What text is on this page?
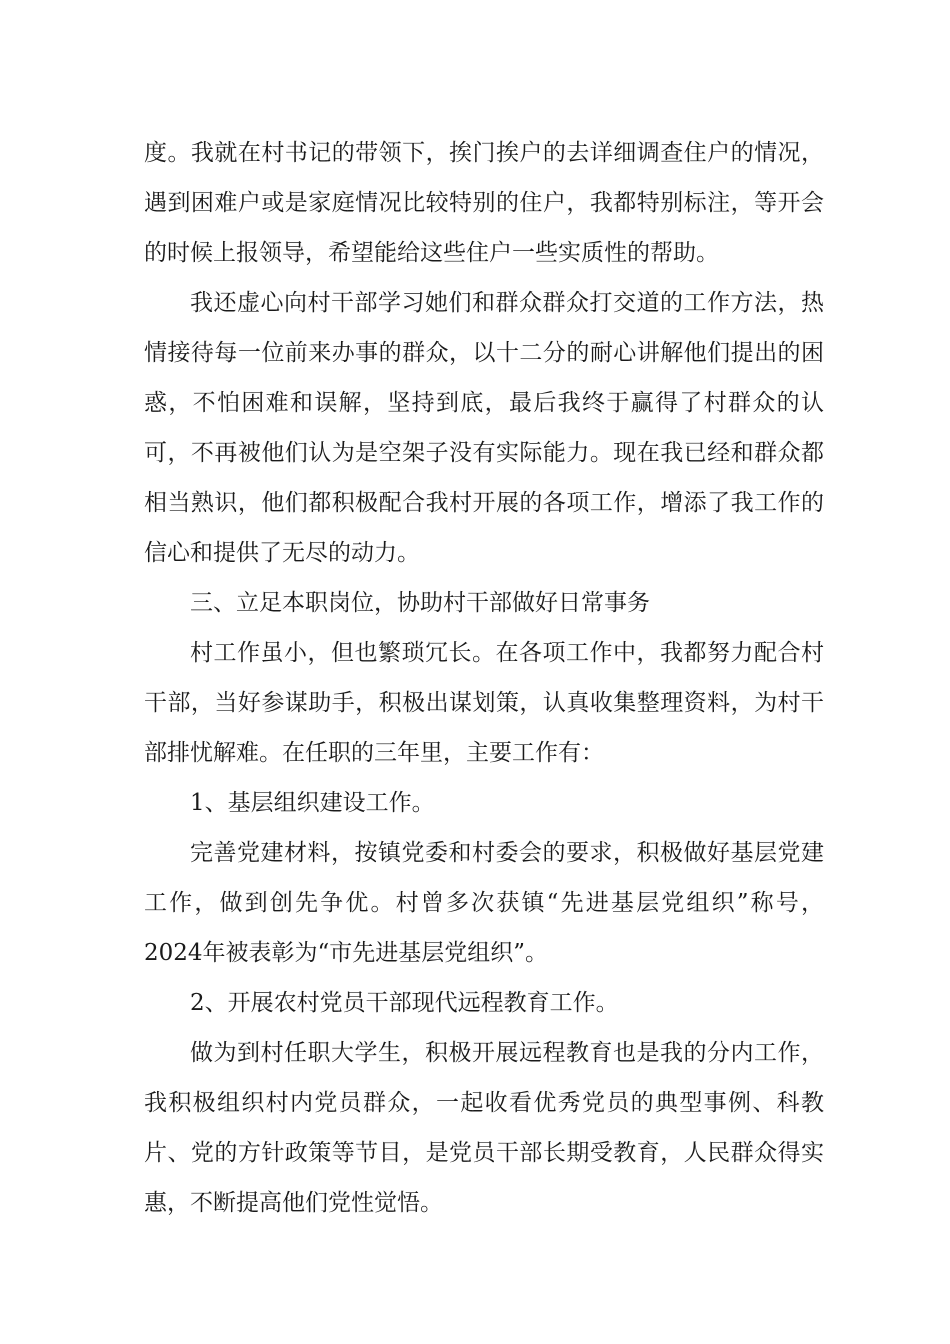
度。我就在村书记的带领下，挨门挨户的去详细调查住户的情况，遇到困难户或是家庭情况比较特别的住户，我都特别标注，等开会的时候上报领导，希望能给这些住户一些实质性的帮助。

我还虚心向村干部学习她们和群众群众打交道的工作方法，热情接待每一位前来办事的群众，以十二分的耐心讲解他们提出的困惑，不怕困难和误解，坚持到底，最后我终于赢得了村群众的认可，不再被他们认为是空架子没有实际能力。现在我已经和群众都相当熟识，他们都积极配合我村开展的各项工作，增添了我工作的信心和提供了无尽的动力。

三、立足本职岗位，协助村干部做好日常事务

村工作虽小，但也繁琐冗长。在各项工作中，我都努力配合村干部，当好参谋助手，积极出谋划策，认真收集整理资料，为村干部排忧解难。在任职的三年里，主要工作有：

1、基层组织建设工作。

完善党建材料，按镇党委和村委会的要求，积极做好基层党建工作，做到创先争优。村曾多次获镇“先进基层党组织”称号，2024年被表彰为“市先进基层党组织”。

2、开展农村党员干部现代远程教育工作。

做为到村任职大学生，积极开展远程教育也是我的分内工作，我积极组织村内党员群众，一起收看优秀党员的典型事例、科教片、党的方针政策等节目，是党员干部长期受教育，人民群众得实惠，不断提高他们党性觉悟。
